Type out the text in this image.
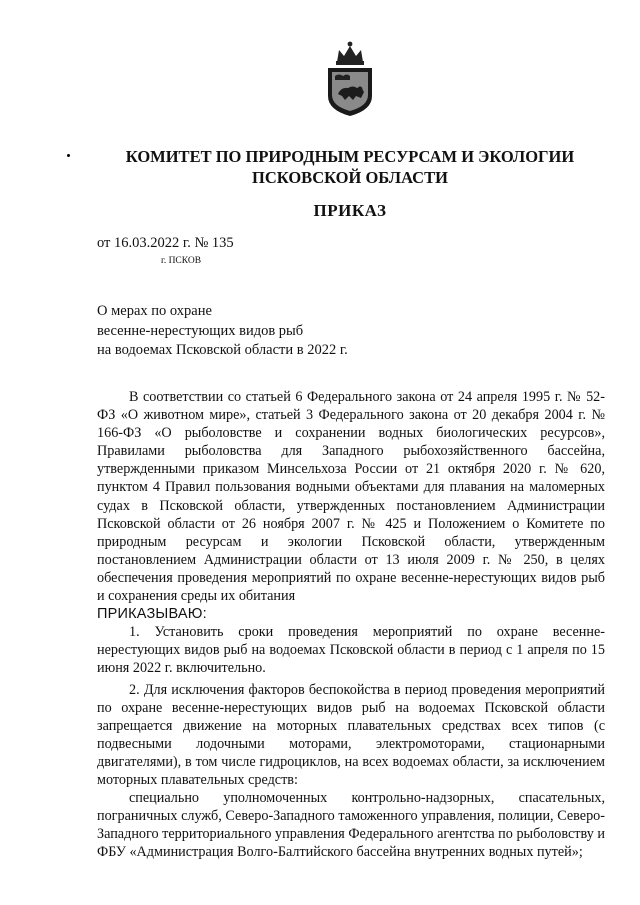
КОМИТЕТ ПО ПРИРОДНЫМ РЕСУРСАМ И ЭКОЛОГИИ
ПСКОВСКОЙ ОБЛАСТИ
ПРИКАЗ
от 16.03.2022 г. № 135
г. ПСКОВ
О мерах по охране
весенне-нерестующих видов рыб
на водоемах Псковской области в 2022 г.

В соответствии со статьей 6 Федерального закона от 24 апреля 1995 г. № 52-ФЗ «О животном мире», статьей 3 Федерального закона от 20 декабря 2004 г. № 166-ФЗ «О рыболовстве и сохранении водных биологических ресурсов», Правилами рыболовства для Западного рыбохозяйственного бассейна, утвержденными приказом Минсельхоза России от 21 октября 2020 г. № 620, пунктом 4 Правил пользования водными объектами для плавания на маломерных судах в Псковской области, утвержденных постановлением Администрации Псковской области от 26 ноября 2007 г. № 425 и Положением о Комитете по природным ресурсам и экологии Псковской области, утвержденным постановлением Администрации области от 13 июля 2009 г. № 250, в целях обеспечения проведения мероприятий по охране весенне-нерестующих видов рыб и сохранения среды их обитания

ПРИКАЗЫВАЮ:

1. Установить сроки проведения мероприятий по охране весенне-нерестующих видов рыб на водоемах Псковской области в период с 1 апреля по 15 июня 2022 г. включительно.

2. Для исключения факторов беспокойства в период проведения мероприятий по охране весенне-нерестующих видов рыб на водоемах Псковской области запрещается движение на моторных плавательных средствах всех типов (с подвесными лодочными моторами, электромоторами, стационарными двигателями), в том числе гидроциклов, на всех водоемах области, за исключением моторных плавательных средств:

специально уполномоченных контрольно-надзорных, спасательных, пограничных служб, Северо-Западного таможенного управления, полиции, Северо-Западного территориального управления Федерального агентства по рыболовству и ФБУ «Администрация Волго-Балтийского бассейна внутренних водных путей»;
